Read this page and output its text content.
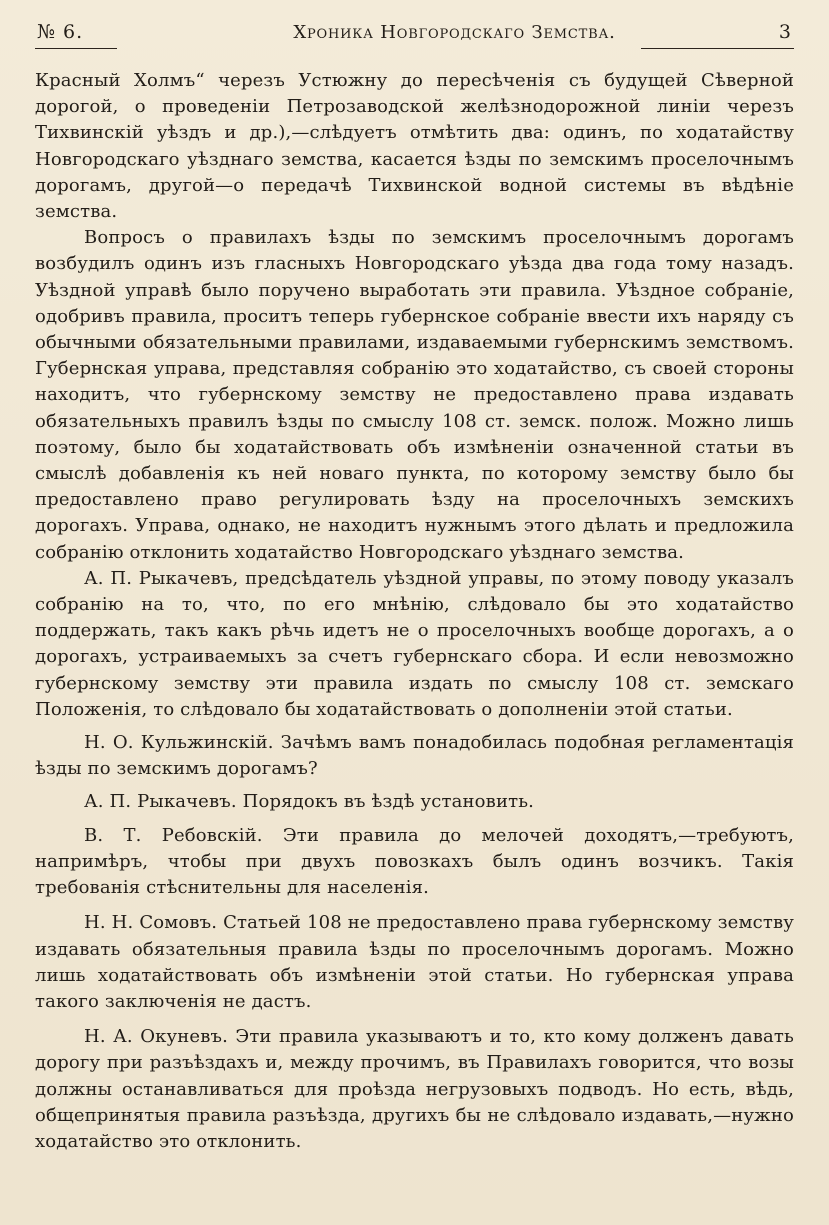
№ 6.	Хроника Новгородскаго Земства.	3

Красный Холмъ“ черезъ Устюжну до пересѣченія съ будущей Сѣверной дорогой, о проведеніи Петрозаводской желѣзнодорожной линіи черезъ Тихвинскій уѣздъ и др.),—слѣдуетъ отмѣтить два: одинъ, по ходатайству Новгородскаго уѣзднаго земства, касается ѣзды по земскимъ проселочнымъ дорогамъ, другой—о передачѣ Тихвинской водной системы въ вѣдѣніе земства.

Вопросъ о правилахъ ѣзды по земскимъ проселочнымъ дорогамъ возбудилъ одинъ изъ гласныхъ Новгородскаго уѣзда два года тому назадъ. Уѣздной управѣ было поручено выработать эти правила. Уѣздное собраніе, одобривъ правила, проситъ теперь губернское собраніе ввести ихъ наряду съ обычными обязательными правилами, издаваемыми губернскимъ земствомъ. Губернская управа, представляя собранію это ходатайство, съ своей стороны находитъ, что губернскому земству не предоставлено права издавать обязательныхъ правилъ ѣзды по смыслу 108 ст. земск. полож. Можно лишь поэтому, было бы ходатайствовать объ измѣненіи означенной статьи въ смыслѣ добавленія къ ней новаго пункта, по которому земству было бы предоставлено право регулировать ѣзду на проселочныхъ земскихъ дорогахъ. Управа, однако, не находитъ нужнымъ этого дѣлать и предложила собранію отклонить ходатайство Новгородскаго уѣзднаго земства.

А. П. Рыкачевъ, предсѣдатель уѣздной управы, по этому поводу указалъ собранію на то, что, по его мнѣнію, слѣдовало бы это ходатайство поддержать, такъ какъ рѣчь идетъ не о проселочныхъ вообще дорогахъ, а о дорогахъ, устраиваемыхъ за счетъ губернскаго сбора. И если невозможно губернскому земству эти правила издать по смыслу 108 ст. земскаго Положенія, то слѣдовало бы ходатайствовать о дополненіи этой статьи.

Н. О. Кульжинскій. Зачѣмъ вамъ понадобилась подобная регламентація ѣзды по земскимъ дорогамъ?

А. П. Рыкачевъ. Порядокъ въ ѣздѣ установить.

В. Т. Ребовскій. Эти правила до мелочей доходятъ,—требуютъ, напримѣръ, чтобы при двухъ повозкахъ былъ одинъ возчикъ. Такія требованія стѣснительны для населенія.

Н. Н. Сомовъ. Статьей 108 не предоставлено права губернскому земству издавать обязательныя правила ѣзды по проселочнымъ дорогамъ. Можно лишь ходатайствовать объ измѣненіи этой статьи. Но губернская управа такого заключенія не дастъ.

Н. А. Окуневъ. Эти правила указываютъ и то, кто кому долженъ давать дорогу при разъѣздахъ и, между прочимъ, въ Правилахъ говорится, что возы должны останавливаться для проѣзда негрузовыхъ подводъ. Но есть, вѣдь, общепринятыя правила разъѣзда, другихъ бы не слѣдовало издавать,—нужно ходатайство это отклонить.
